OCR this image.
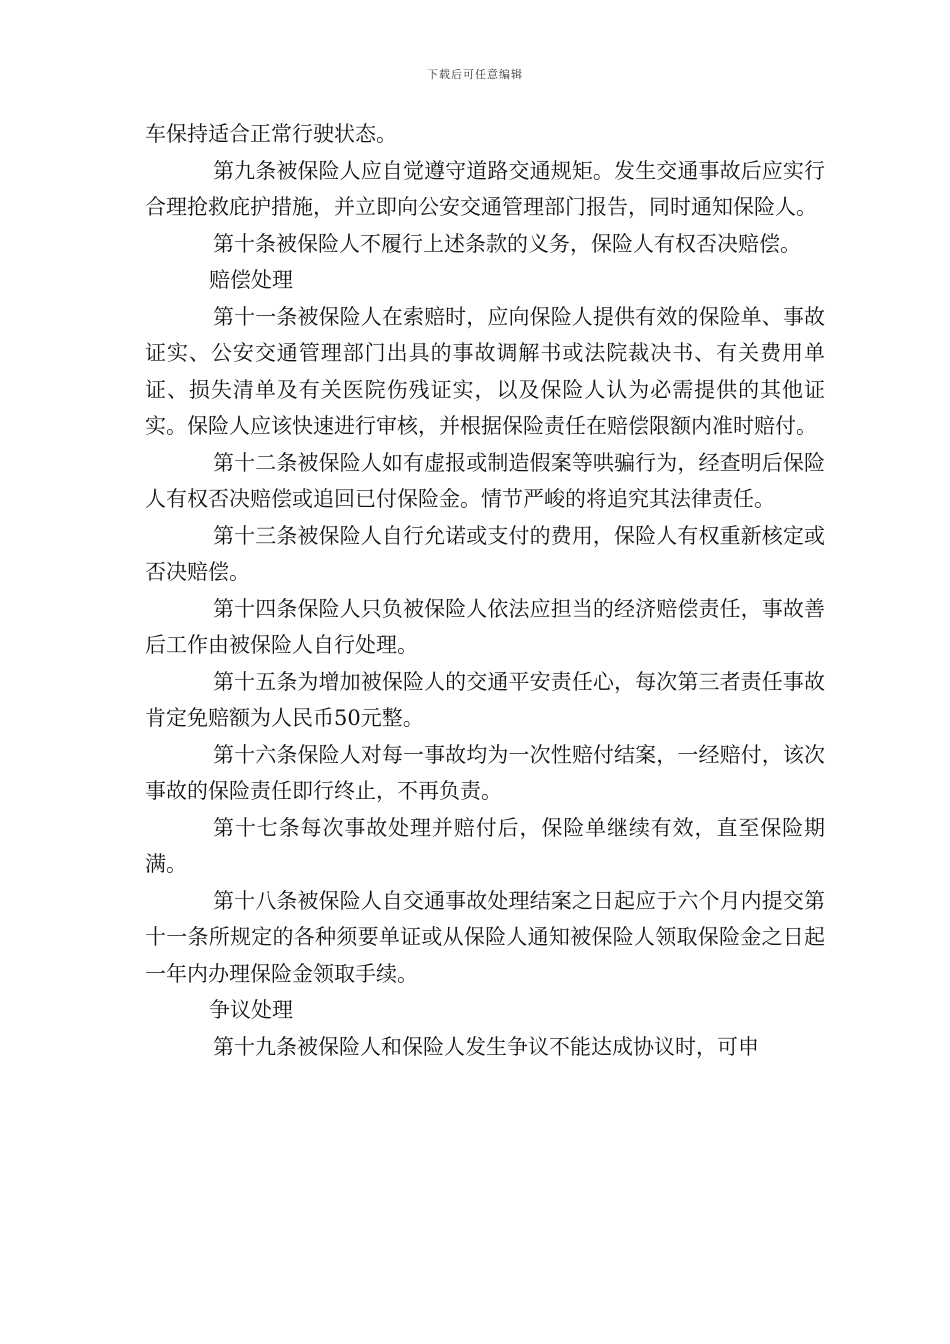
下载后可任意编辑

车保持适合正常行驶状态。

第九条被保险人应自觉遵守道路交通规矩。发生交通事故后应实行合理抢救庇护措施，并立即向公安交通管理部门报告，同时通知保险人。

第十条被保险人不履行上述条款的义务，保险人有权否决赔偿。

赔偿处理

第十一条被保险人在索赔时，应向保险人提供有效的保险单、事故证实、公安交通管理部门出具的事故调解书或法院裁决书、有关费用单证、损失清单及有关医院伤残证实，以及保险人认为必需提供的其他证实。保险人应该快速进行审核，并根据保险责任在赔偿限额内准时赔付。

第十二条被保险人如有虚报或制造假案等哄骗行为，经查明后保险人有权否决赔偿或追回已付保险金。情节严峻的将追究其法律责任。

第十三条被保险人自行允诺或支付的费用，保险人有权重新核定或否决赔偿。

第十四条保险人只负被保险人依法应担当的经济赔偿责任，事故善后工作由被保险人自行处理。

第十五条为增加被保险人的交通平安责任心，每次第三者责任事故肯定免赔额为人民币50元整。

第十六条保险人对每一事故均为一次性赔付结案，一经赔付，该次事故的保险责任即行终止，不再负责。

第十七条每次事故处理并赔付后，保险单继续有效，直至保险期满。

第十八条被保险人自交通事故处理结案之日起应于六个月内提交第十一条所规定的各种须要单证或从保险人通知被保险人领取保险金之日起一年内办理保险金领取手续。

争议处理

第十九条被保险人和保险人发生争议不能达成协议时，可申
